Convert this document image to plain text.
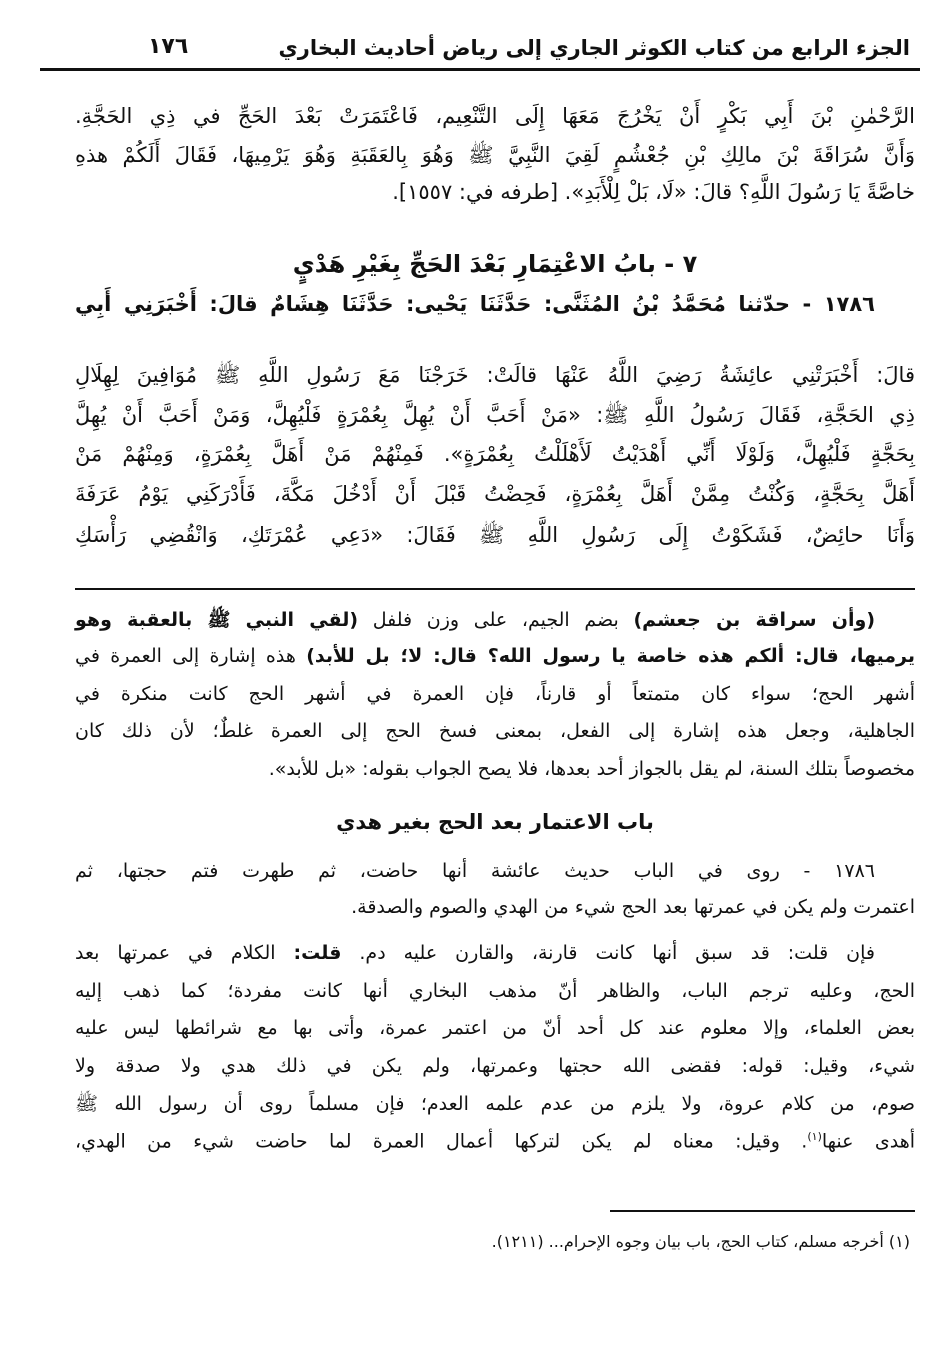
١٧٦	الجزء الرابع من كتاب الكوثر الجاري إلى رياض أحاديث البخاري
الرَّحْمٰنِ بْنَ أَبِي بَكْرٍ أَنْ يَخْرُجَ مَعَهَا إِلَى التَّنْعِيم، فَاعْتَمَرَتْ بَعْدَ الحَجِّ في ذِي الحَجَّةِ.
وَأَنَّ سُرَاقَةَ بْنَ مالِكِ بْنِ جُعْشُمٍ لَقِيَ النَّبِيَّ ﷺ وَهُوَ بِالعَقَبَةِ وَهُوَ يَرْمِيهَا، فَقَالَ أَلَكُمْ هذهِ
خاصَّةً يَا رَسُولَ اللَّهِ؟ قالَ: «لَا، بَلْ لِلْأَبَدِ». [طرفه في: ١٥٥٧].
٧ - بابُ الاعْتِمَارِ بَعْدَ الحَجِّ بِغَيْرِ هَدْيٍ
١٧٨٦ - حدّثنا مُحَمَّدُ بْنُ المُثَنَّى: حَدَّثَنَا يَحْيى: حَدَّثَنَا هِشَامٌ قالَ: أَخْبَرَنِي أَبِي
قالَ: أَخْبَرَتْنِي عائِشَةُ رَضِيَ اللَّهُ عَنْهَا قالَتْ: خَرَجْنَا مَعَ رَسُولِ اللَّهِ ﷺ مُوَافِينَ لِهِلَالِ
ذِي الحَجَّةِ، فَقَالَ رَسُولُ اللَّهِ ﷺ: «مَنْ أَحَبَّ أَنْ يُهِلَّ بِعُمْرَةٍ فَلْيُهِلَّ، وَمَنْ أَحَبَّ أَنْ يُهِلَّ
بِحَجَّةٍ فَلْيُهِلَّ، وَلَوْلَا أَنِّي أَهْدَيْتُ لَأَهْلَلْتُ بِعُمْرَةٍ». فَمِنْهُمْ مَنْ أَهَلَّ بِعُمْرَةٍ، وَمِنْهُمْ مَنْ
أَهَلَّ بِحَجَّةٍ، وَكُنْتُ مِمَّنْ أَهَلَّ بِعُمْرَةٍ، فَحِضْتُ قَبْلَ أَنْ أَدْخُلَ مَكَّةَ، فَأَدْرَكَنِي يَوْمُ عَرَفَةَ
وَأَنَا حائِضٌ، فَشَكَوْتُ إِلَى رَسُولِ اللَّهِ ﷺ فَقَالَ: «دَعِي عُمْرَتَكِ، وَانْقُضِي رَأْسَكِ
(وأن سراقة بن جعشم) بضم الجيم، على وزن فلفل (لقي النبي ﷺ بالعقبة وهو
يرميها، قال: ألكم هذه خاصة يا رسول الله؟ قال: لا؛ بل للأبد) هذه إشارة إلى العمرة في
أشهر الحج؛ سواء كان متمتعاً أو قارناً، فإن العمرة في أشهر الحج كانت منكرة في
الجاهلية، وجعل هذه إشارة إلى الفعل، بمعنى فسخ الحج إلى العمرة غلطٌ؛ لأن ذلك كان
مخصوصاً بتلك السنة، لم يقل بالجواز أحد بعدها، فلا يصح الجواب بقوله: «بل للأبد».
باب الاعتمار بعد الحج بغير هدي
١٧٨٦ - روى في الباب حديث عائشة أنها حاضت، ثم طهرت فتم حجتها، ثم
اعتمرت ولم يكن في عمرتها بعد الحج شيء من الهدي والصوم والصدقة.
فإن قلت: قد سبق أنها كانت قارنة، والقارن عليه دم. قلت: الكلام في عمرتها بعد
الحج، وعليه ترجم الباب، والظاهر أنّ مذهب البخاري أنها كانت مفردة؛ كما ذهب إليه
بعض العلماء، وإلا معلوم عند كل أحد أنّ من اعتمر عمرة، وأتى بها مع شرائطها ليس عليه
شيء، وقيل: قوله: فقضى الله حجتها وعمرتها، ولم يكن في ذلك هدي ولا صدقة ولا
صوم، من كلام عروة، ولا يلزم من عدم علمه العدم؛ فإن مسلماً روى أن رسول الله ﷺ
أهدى عنها$^{(١)}$. وقيل: معناه لم يكن لتركها أعمال العمرة لما حاضت شيء من الهدي،
(١) أخرجه مسلم، كتاب الحج، باب بيان وجوه الإحرام... (١٢١١).
